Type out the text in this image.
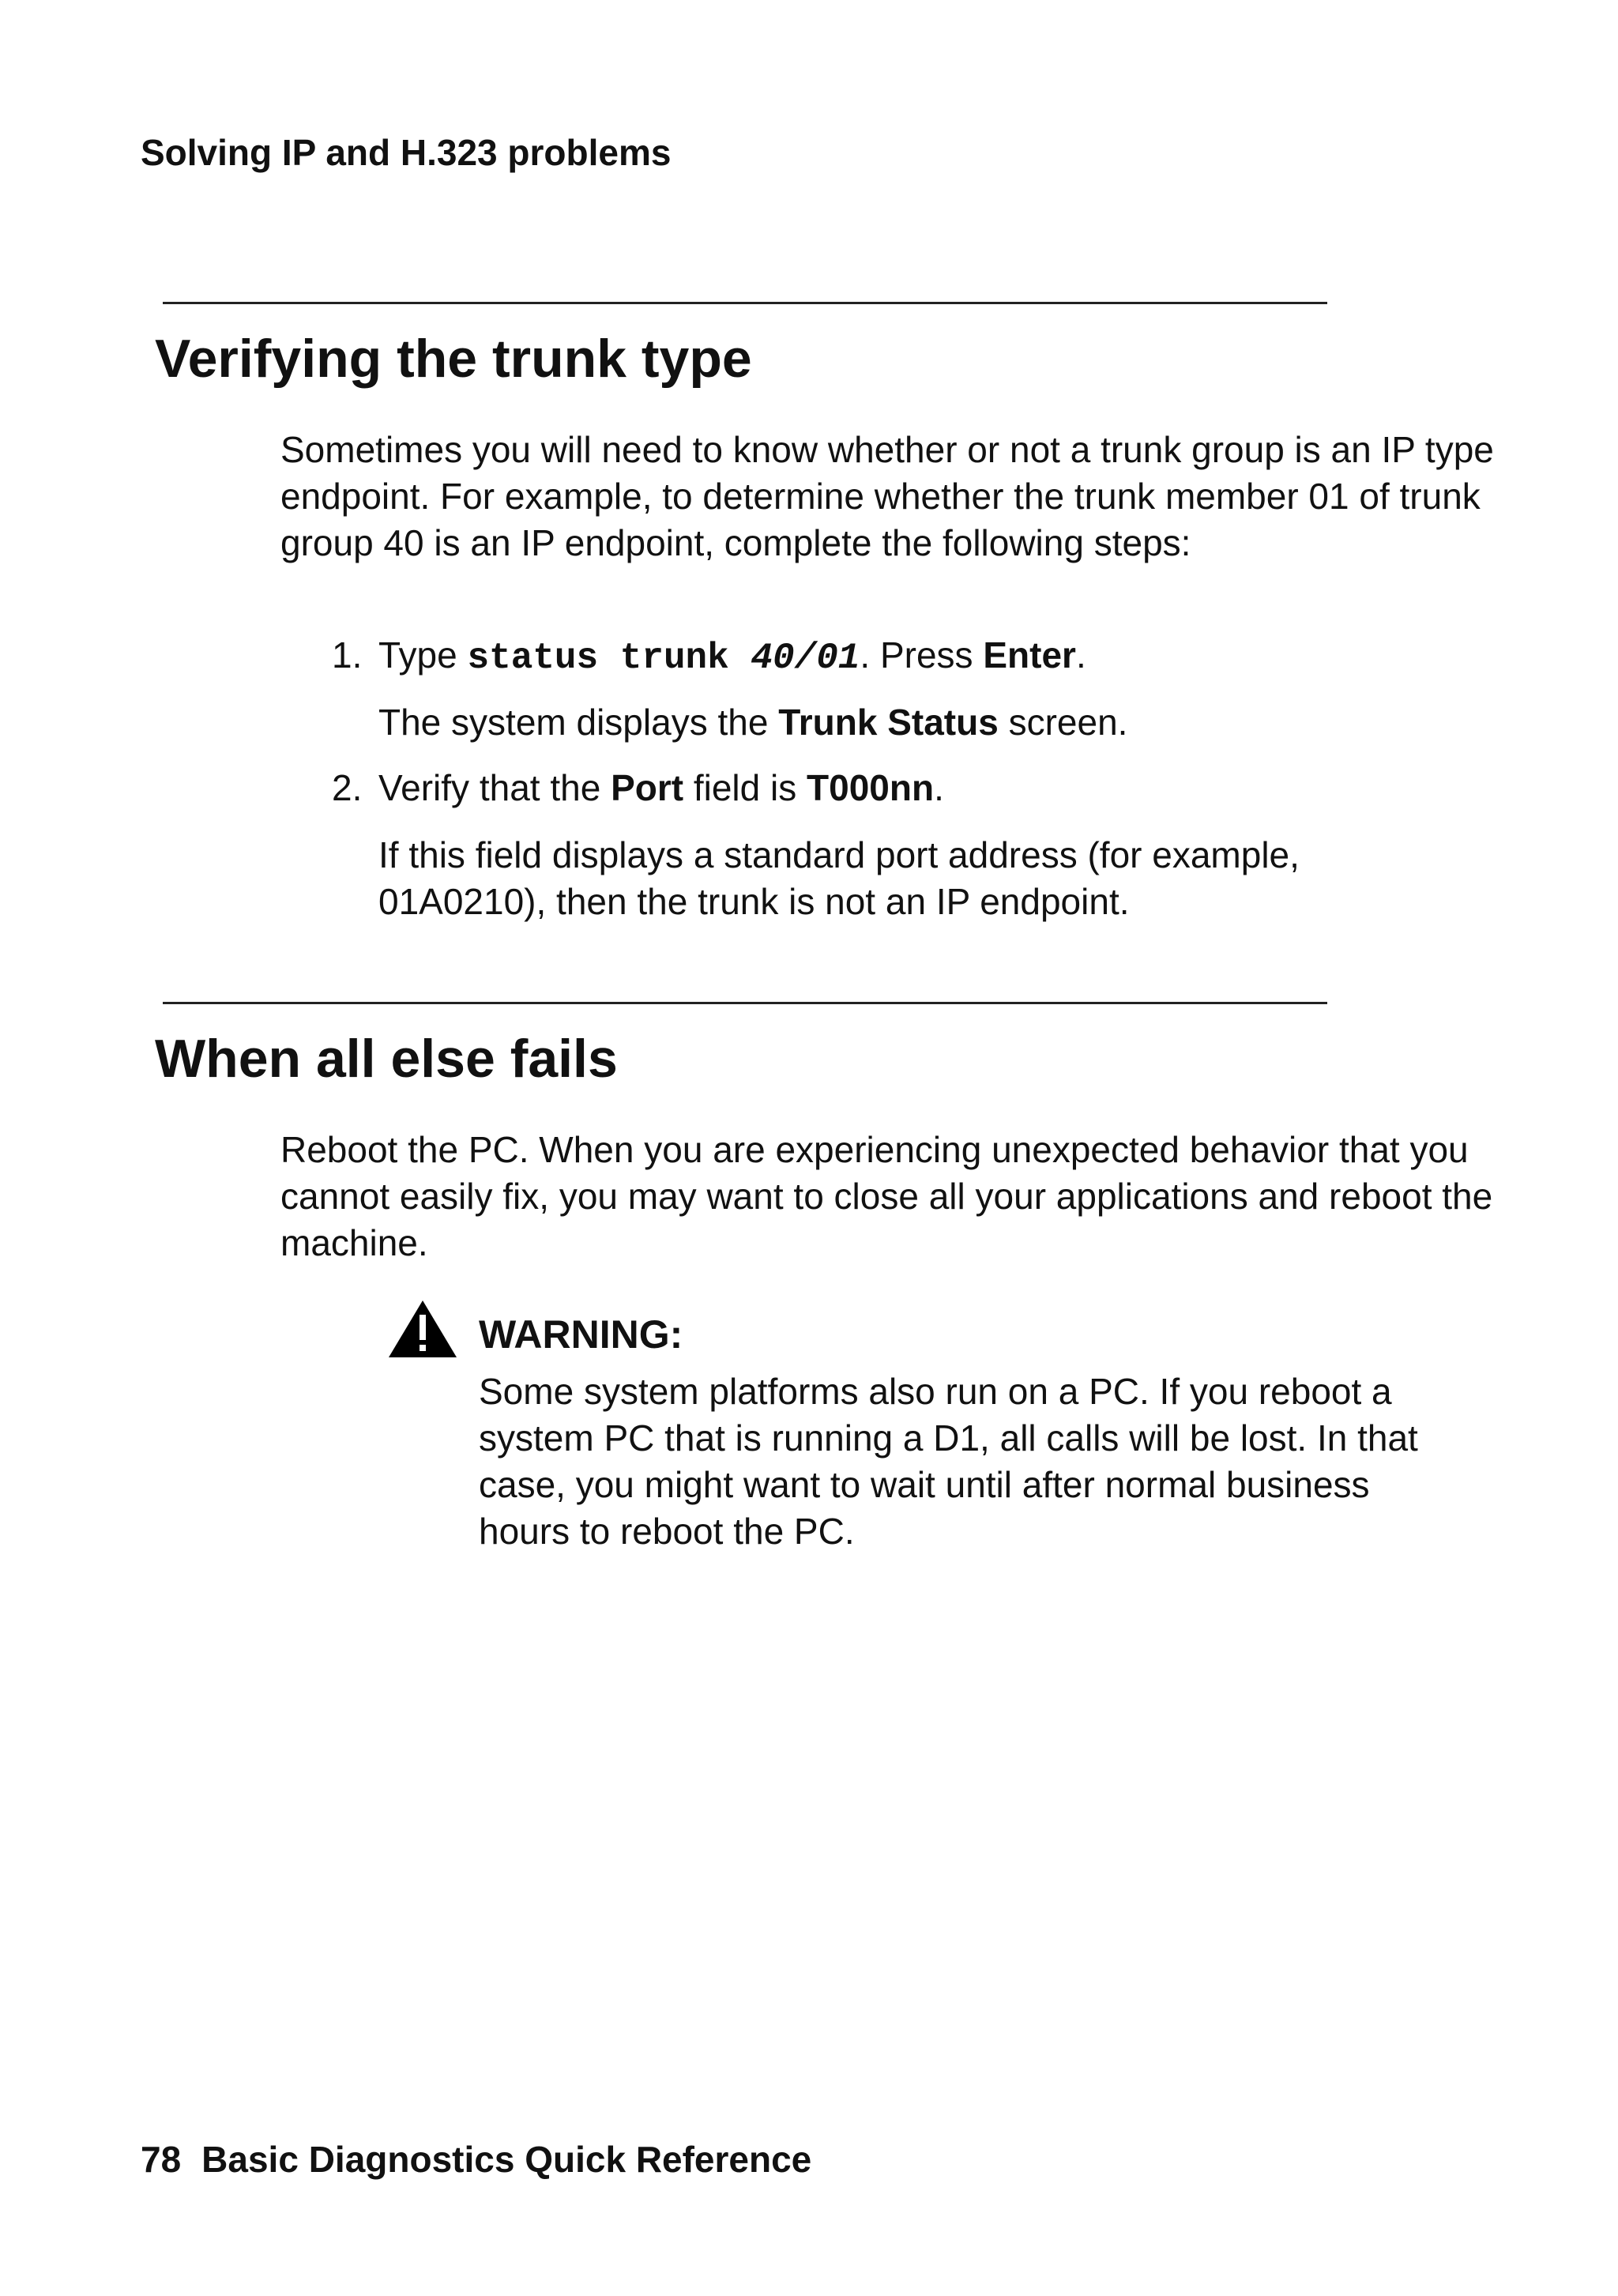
Solving IP and H.323 problems
Verifying the trunk type

Sometimes you will need to know whether or not a trunk group is an IP type endpoint. For example, to determine whether the trunk member 01 of trunk group 40 is an IP endpoint, complete the following steps:

1. Type status trunk 40/01. Press Enter.

The system displays the Trunk Status screen.

2. Verify that the Port field is T000nn.

If this field displays a standard port address (for example, 01A0210), then the trunk is not an IP endpoint.

When all else fails

Reboot the PC. When you are experiencing unexpected behavior that you cannot easily fix, you may want to close all your applications and reboot the machine.

WARNING:

Some system platforms also run on a PC. If you reboot a system PC that is running a D1, all calls will be lost. In that case, you might want to wait until after normal business hours to reboot the PC.

78 Basic Diagnostics Quick Reference
